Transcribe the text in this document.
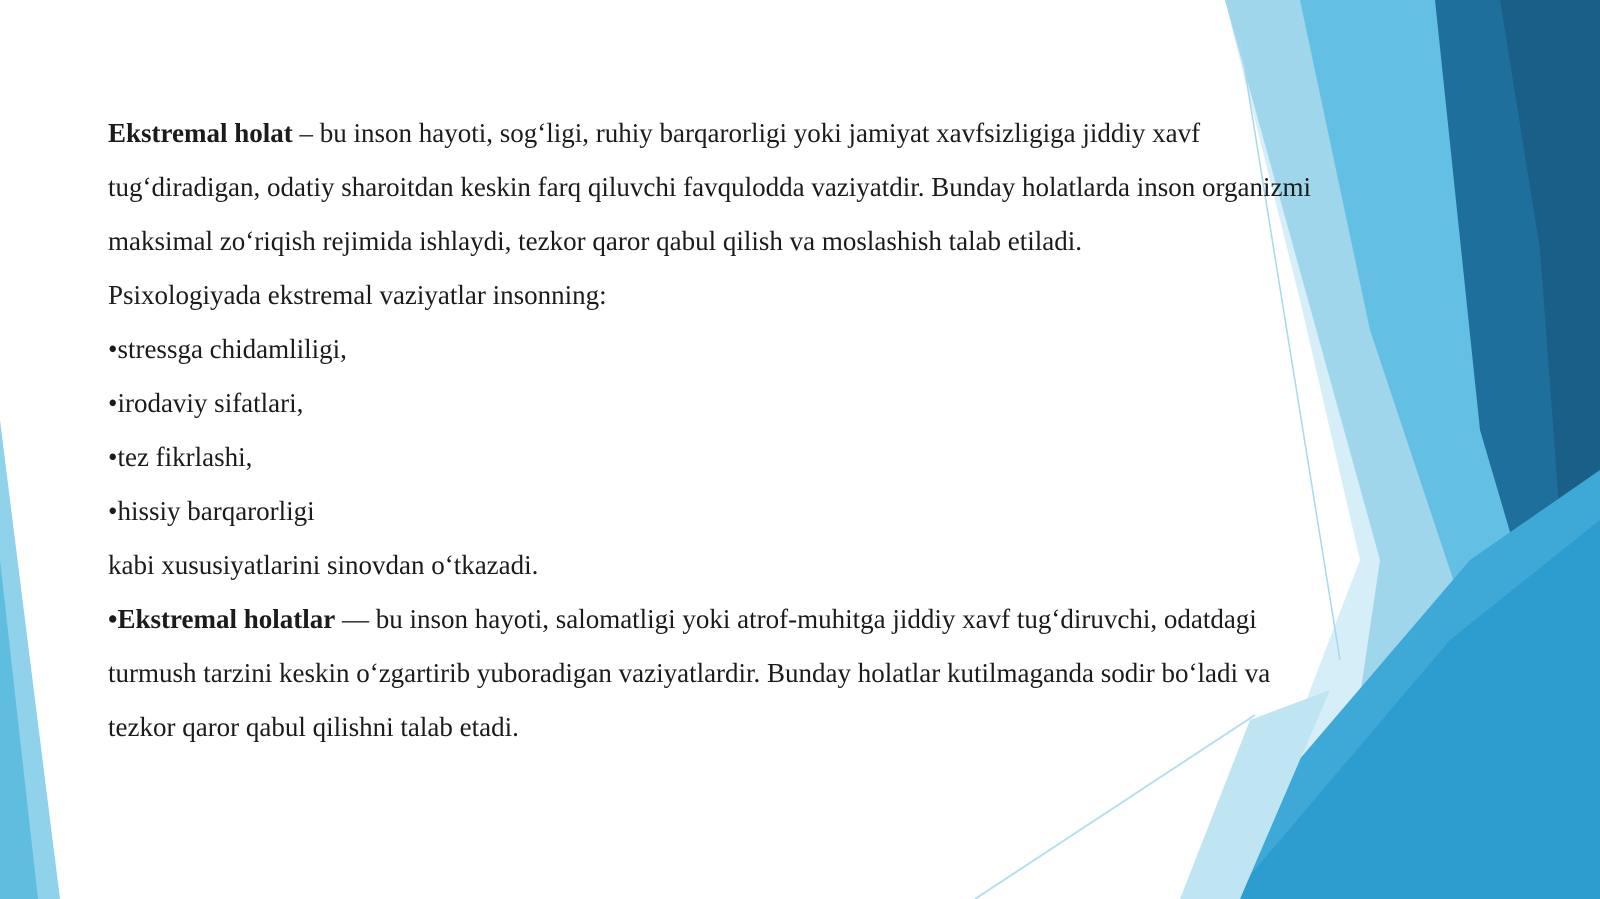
Ekstremal holat – bu inson hayoti, sog‘ligi, ruhiy barqarorligi yoki jamiyat xavfsizligiga jiddiy xavf tug‘diradigan, odatiy sharoitdan keskin farq qiluvchi favqulodda vaziyatdir. Bunday holatlarda inson organizmi maksimal zo‘riqish rejimida ishlaydi, tezkor qaror qabul qilish va moslashish talab etiladi.

Psixologiyada ekstremal vaziyatlar insonning:

•stressga chidamliligi,

•irodaviy sifatlari,

•tez fikrlashi,

•hissiy barqarorligi

kabi xususiyatlarini sinovdan o‘tkazadi.

•Ekstremal holatlar — bu inson hayoti, salomatligi yoki atrof-muhitga jiddiy xavf tug‘diruvchi, odatdagi turmush tarzini keskin o‘zgartirib yuboradigan vaziyatlardir. Bunday holatlar kutilmaganda sodir bo‘ladi va tezkor qaror qabul qilishni talab etadi.
